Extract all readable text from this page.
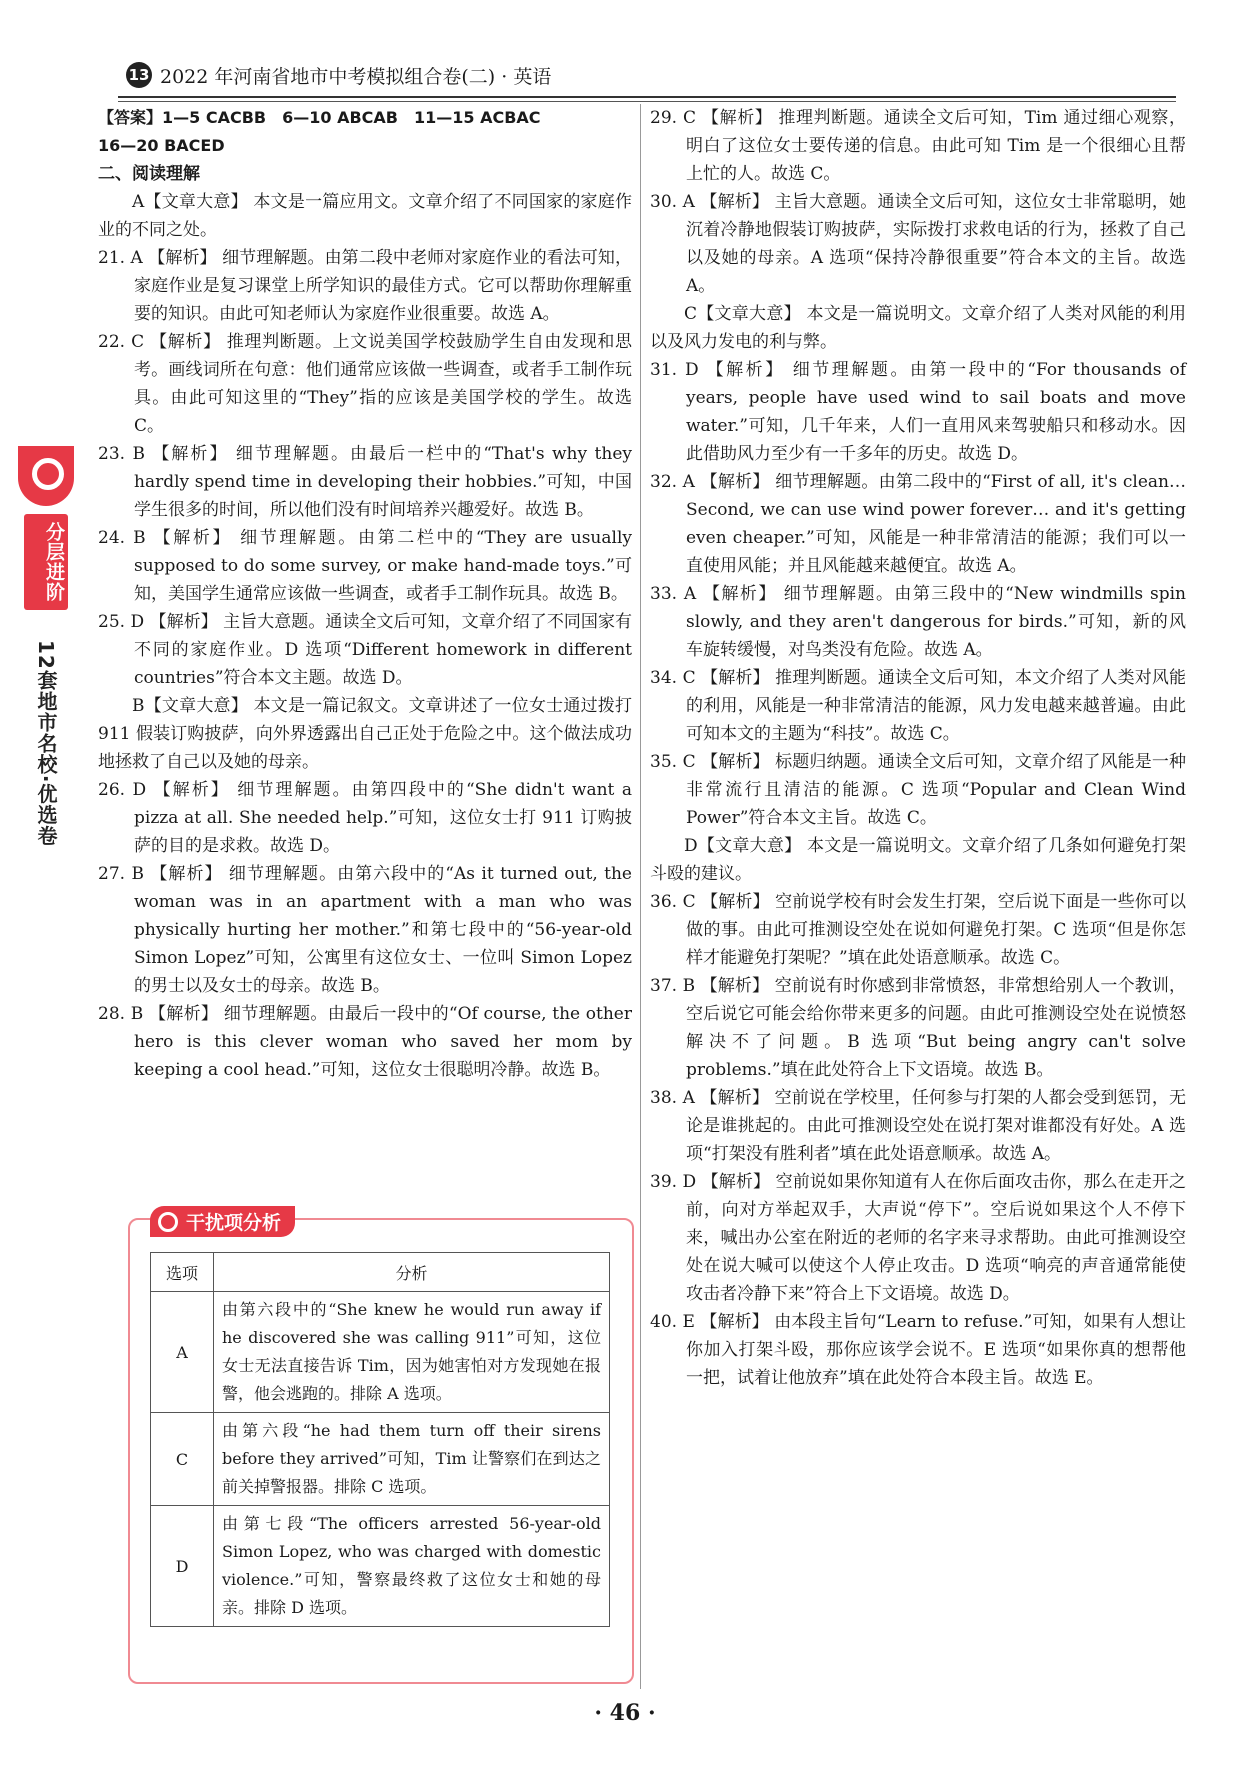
13 2022 年河南省地市中考模拟组合卷(二) · 英语
分层进阶
12套地市名校·优选卷

【答案】1—5 CACBB　6—10 ABCAB　11—15 ACBAC

16—20 BACED

二、阅读理解

A【文章大意】 本文是一篇应用文。文章介绍了不同国家的家庭作业的不同之处。

21. A 【解析】 细节理解题。由第二段中老师对家庭作业的看法可知，家庭作业是复习课堂上所学知识的最佳方式。它可以帮助你理解重要的知识。由此可知老师认为家庭作业很重要。故选 A。

22. C 【解析】 推理判断题。上文说美国学校鼓励学生自由发现和思考。画线词所在句意：他们通常应该做一些调查，或者手工制作玩具。由此可知这里的“They”指的应该是美国学校的学生。故选 C。

23. B 【解析】 细节理解题。由最后一栏中的“That's why they hardly spend time in developing their hobbies.”可知，中国学生很多的时间，所以他们没有时间培养兴趣爱好。故选 B。

24. B 【解析】 细节理解题。由第二栏中的“They are usually supposed to do some survey, or make hand-made toys.”可知，美国学生通常应该做一些调查，或者手工制作玩具。故选 B。

25. D 【解析】 主旨大意题。通读全文后可知，文章介绍了不同国家有不同的家庭作业。D 选项“Different homework in different countries”符合本文主题。故选 D。

B【文章大意】 本文是一篇记叙文。文章讲述了一位女士通过拨打 911 假装订购披萨，向外界透露出自己正处于危险之中。这个做法成功地拯救了自己以及她的母亲。

26. D 【解析】 细节理解题。由第四段中的“She didn't want a pizza at all. She needed help.”可知，这位女士打 911 订购披萨的目的是求救。故选 D。

27. B 【解析】 细节理解题。由第六段中的“As it turned out, the woman was in an apartment with a man who was physically hurting her mother.”和第七段中的“56-year-old Simon Lopez”可知，公寓里有这位女士、一位叫 Simon Lopez 的男士以及女士的母亲。故选 B。

28. B 【解析】 细节理解题。由最后一段中的“Of course, the other hero is this clever woman who saved her mom by keeping a cool head.”可知，这位女士很聪明冷静。故选 B。

干扰项分析
选项	分析
A	由第六段中的“She knew he would run away if he discovered she was calling 911”可知，这位女士无法直接告诉 Tim，因为她害怕对方发现她在报警，他会逃跑的。排除 A 选项。
C	由第六段“he had them turn off their sirens before they arrived”可知，Tim 让警察们在到达之前关掉警报器。排除 C 选项。
D	由第七段“The officers arrested 56-year-old Simon Lopez, who was charged with domestic violence.”可知，警察最终救了这位女士和她的母亲。排除 D 选项。

29. C 【解析】 推理判断题。通读全文后可知，Tim 通过细心观察，明白了这位女士要传递的信息。由此可知 Tim 是一个很细心且帮上忙的人。故选 C。

30. A 【解析】 主旨大意题。通读全文后可知，这位女士非常聪明，她沉着冷静地假装订购披萨，实际拨打求救电话的行为，拯救了自己以及她的母亲。A 选项“保持冷静很重要”符合本文的主旨。故选 A。

C【文章大意】 本文是一篇说明文。文章介绍了人类对风能的利用以及风力发电的利与弊。

31. D 【解析】 细节理解题。由第一段中的“For thousands of years, people have used wind to sail boats and move water.”可知，几千年来，人们一直用风来驾驶船只和移动水。因此借助风力至少有一千多年的历史。故选 D。

32. A 【解析】 细节理解题。由第二段中的“First of all, it's clean… Second, we can use wind power forever… and it's getting even cheaper.”可知，风能是一种非常清洁的能源；我们可以一直使用风能；并且风能越来越便宜。故选 A。

33. A 【解析】 细节理解题。由第三段中的“New windmills spin slowly, and they aren't dangerous for birds.”可知，新的风车旋转缓慢，对鸟类没有危险。故选 A。

34. C 【解析】 推理判断题。通读全文后可知，本文介绍了人类对风能的利用，风能是一种非常清洁的能源，风力发电越来越普遍。由此可知本文的主题为“科技”。故选 C。

35. C 【解析】 标题归纳题。通读全文后可知，文章介绍了风能是一种非常流行且清洁的能源。C 选项“Popular and Clean Wind Power”符合本文主旨。故选 C。

D【文章大意】 本文是一篇说明文。文章介绍了几条如何避免打架斗殴的建议。

36. C 【解析】 空前说学校有时会发生打架，空后说下面是一些你可以做的事。由此可推测设空处在说如何避免打架。C 选项“但是你怎样才能避免打架呢？”填在此处语意顺承。故选 C。

37. B 【解析】 空前说有时你感到非常愤怒，非常想给别人一个教训，空后说它可能会给你带来更多的问题。由此可推测设空处在说愤怒解决不了问题。B 选项“But being angry can't solve problems.”填在此处符合上下文语境。故选 B。

38. A 【解析】 空前说在学校里，任何参与打架的人都会受到惩罚，无论是谁挑起的。由此可推测设空处在说打架对谁都没有好处。A 选项“打架没有胜利者”填在此处语意顺承。故选 A。

39. D 【解析】 空前说如果你知道有人在你后面攻击你，那么在走开之前，向对方举起双手，大声说“停下”。空后说如果这个人不停下来，喊出办公室在附近的老师的名字来寻求帮助。由此可推测设空处在说大喊可以使这个人停止攻击。D 选项“响亮的声音通常能使攻击者冷静下来”符合上下文语境。故选 D。

40. E 【解析】 由本段主旨句“Learn to refuse.”可知，如果有人想让你加入打架斗殴，那你应该学会说不。E 选项“如果你真的想帮他一把，试着让他放弃”填在此处符合本段主旨。故选 E。

· 46 ·
